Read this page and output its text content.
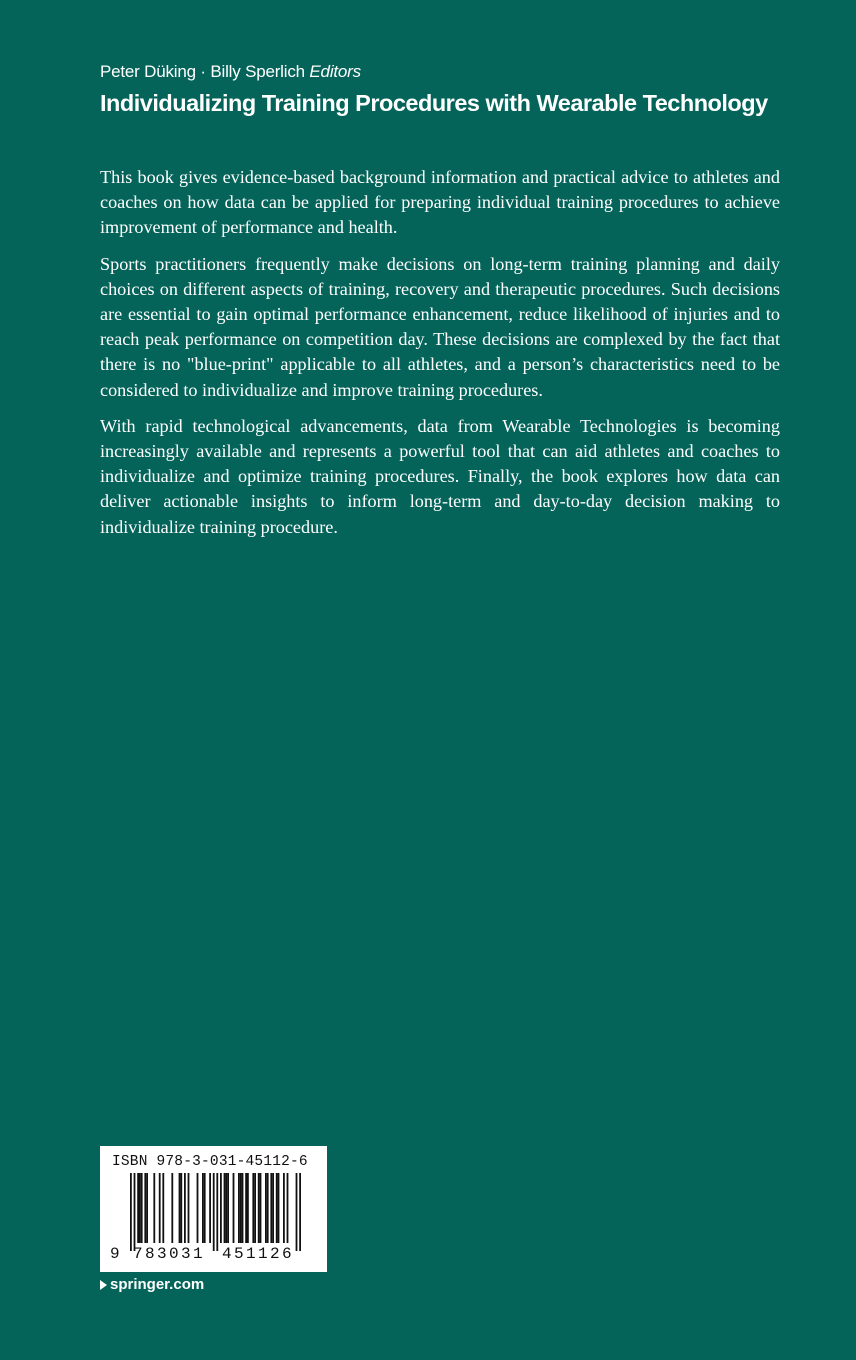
Peter Düking · Billy Sperlich Editors
Individualizing Training Procedures with Wearable Technology

This book gives evidence-based background information and practical advice to athletes and coaches on how data can be applied for preparing individual training procedures to achieve improvement of performance and health.

Sports practitioners frequently make decisions on long-term training planning and daily choices on different aspects of training, recovery and therapeutic procedures. Such decisions are essential to gain optimal performance enhancement, reduce likelihood of injuries and to reach peak performance on competition day. These decisions are complexed by the fact that there is no "blue-print" applicable to all athletes, and a person’s characteristics need to be considered to individualize and improve training procedures.

With rapid technological advancements, data from Wearable Technologies is becoming increasingly available and represents a powerful tool that can aid athletes and coaches to individualize and optimize training procedures. Finally, the book explores how data can deliver actionable insights to inform long-term and day-to-day decision making to individualize training procedure.

ISBN 978-3-031-45112-6
9 783031 451126
springer.com
